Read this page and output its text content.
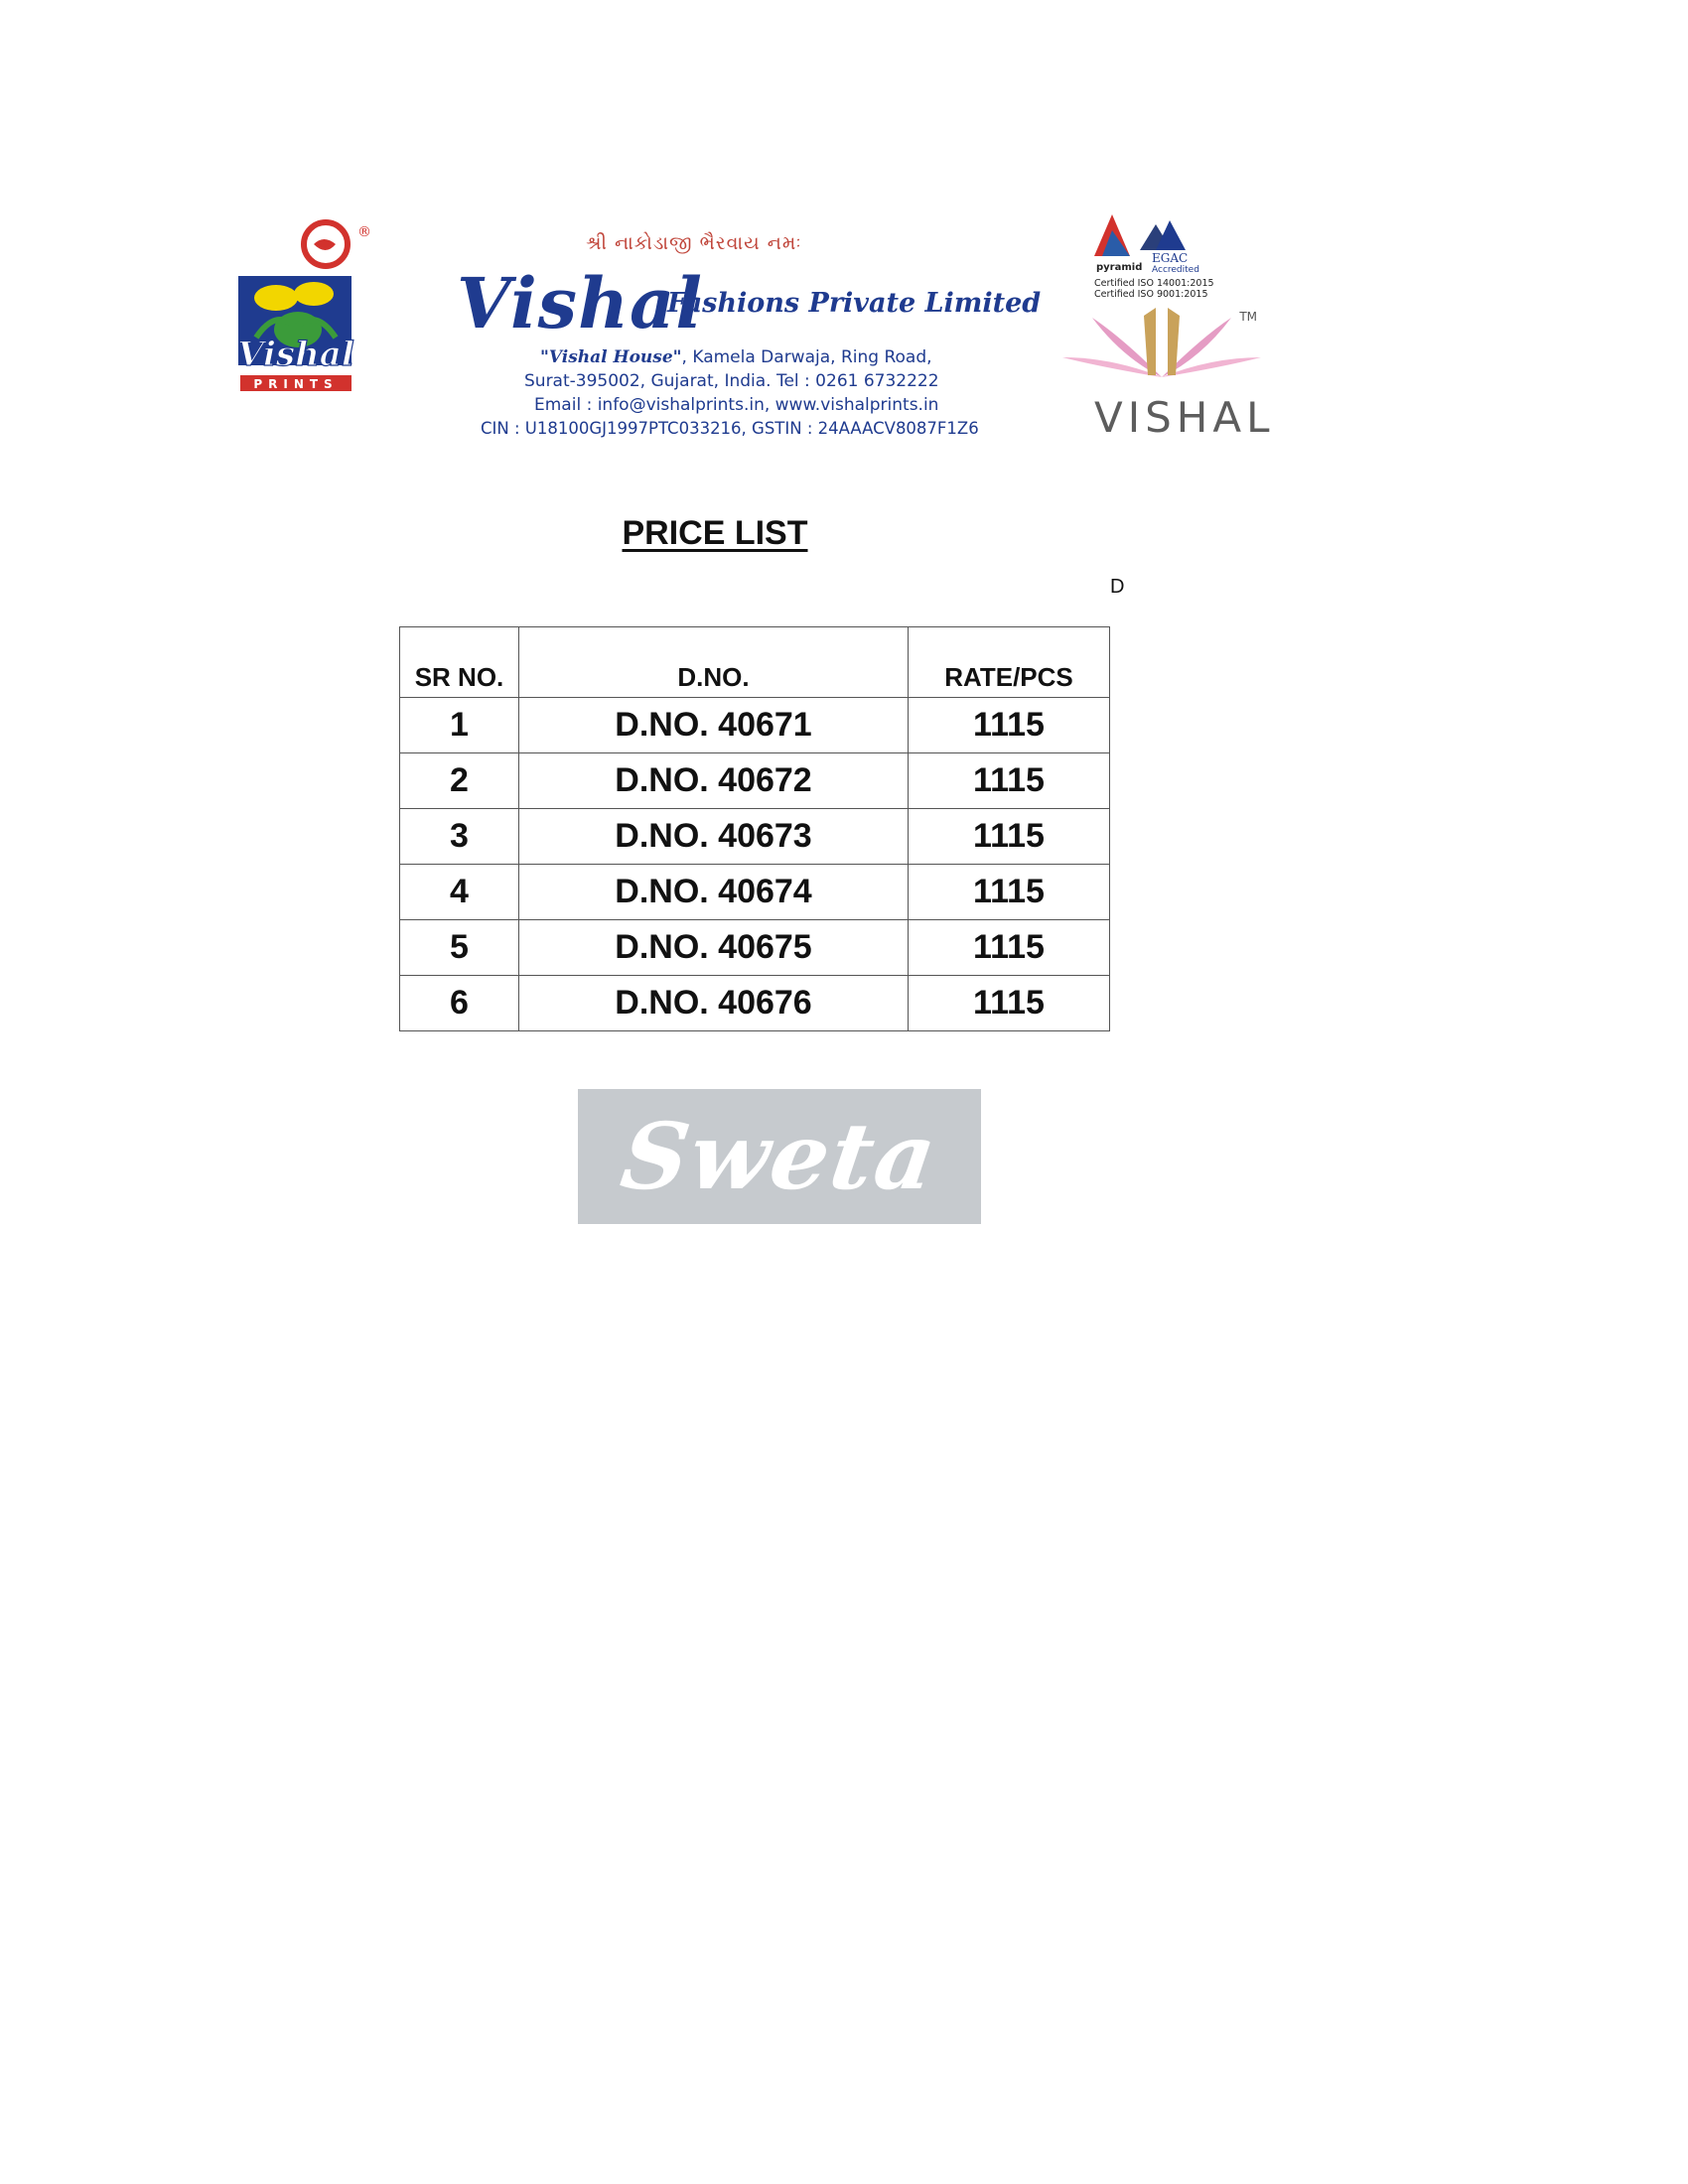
®
Vishal
PRINTS
શ્રી નાકોડાજી ભૈરવાય નમઃ
Vishal
Fashions Private Limited
"Vishal House", Kamela Darwaja, Ring Road,
Surat-395002, Gujarat, India. Tel : 0261 6732222
Email : info@vishalprints.in, www.vishalprints.in
CIN : U18100GJ1997PTC033216, GSTIN : 24AAACV8087F1Z6
pyramid
EGAC
Accredited
Certified ISO 14001:2015
Certified ISO 9001:2015
TM
VISHAL
PRICE LIST
D
SR NO.	D.NO.	RATE/PCS
1	D.NO. 40671	1115
2	D.NO. 40672	1115
3	D.NO. 40673	1115
4	D.NO. 40674	1115
5	D.NO. 40675	1115
6	D.NO. 40676	1115
Sweta
